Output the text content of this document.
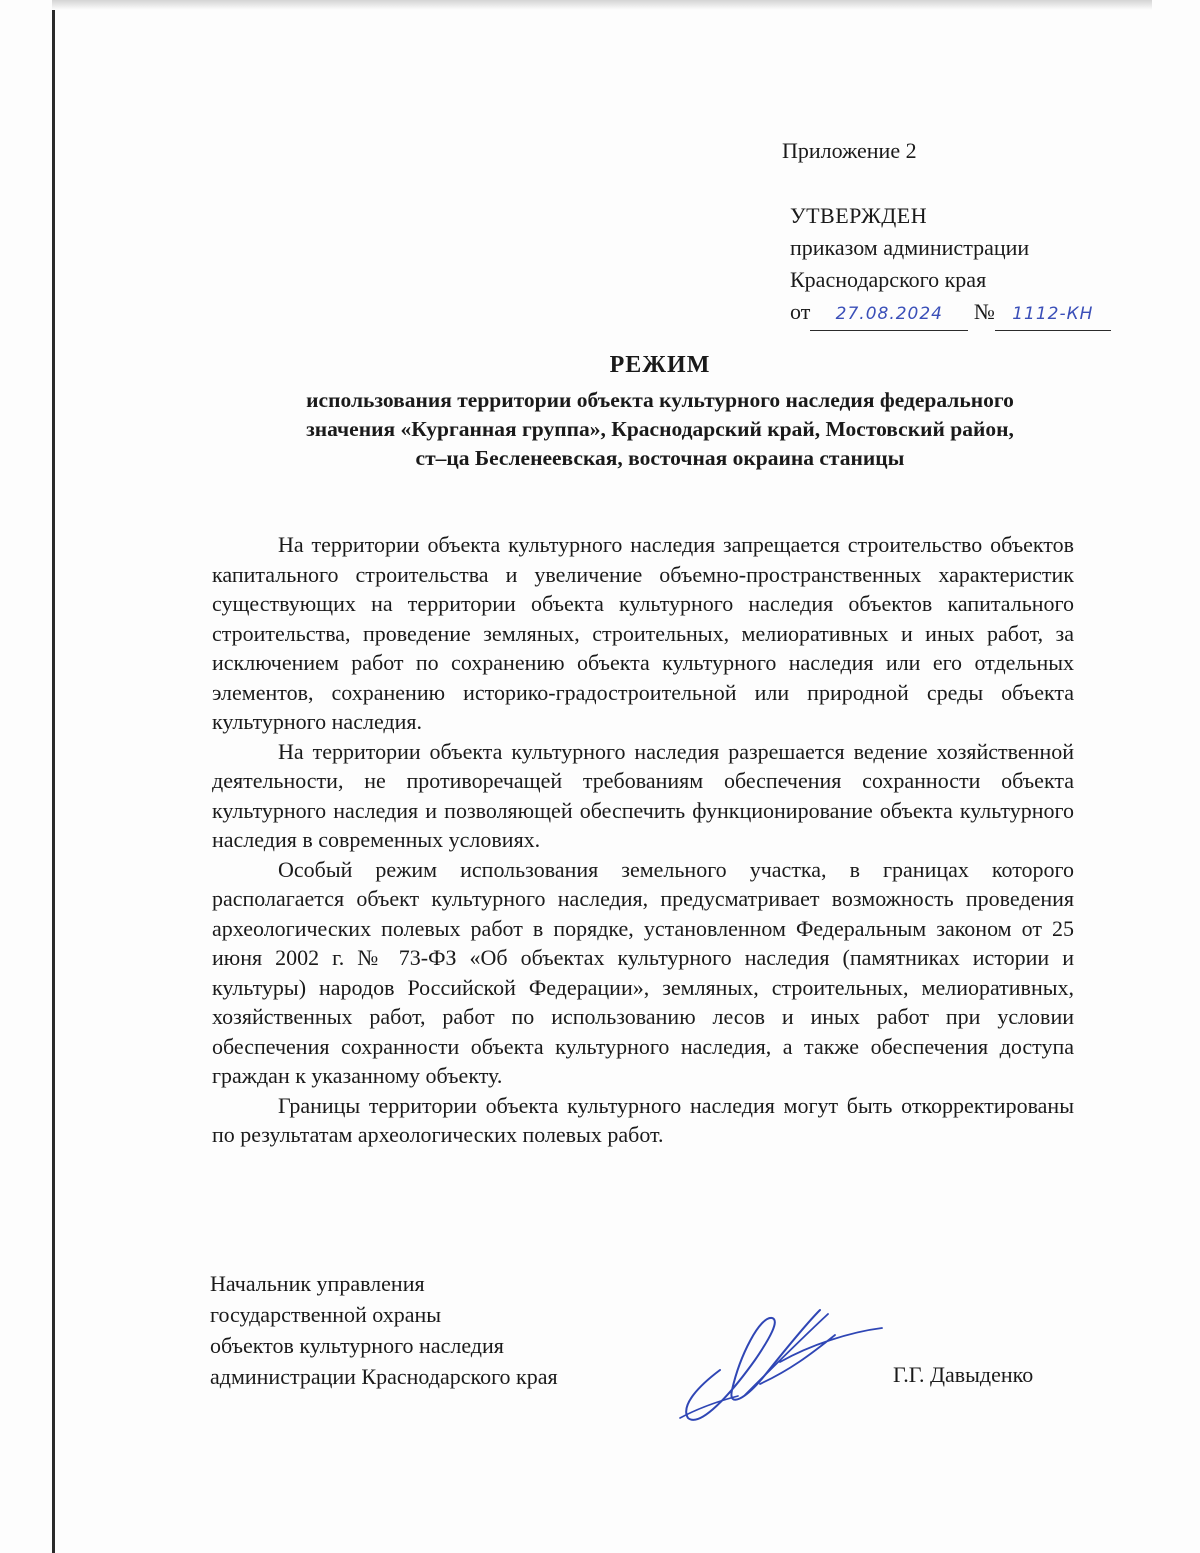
Приложение 2
УТВЕРЖДЕН
приказом администрации
Краснодарского края
от 27.08.2024 № 1112-КН
РЕЖИМ
использования территории объекта культурного наследия федерального
значения «Курганная группа», Краснодарский край, Мостовский район,
ст–ца Бесленеевская, восточная окраина станицы

На территории объекта культурного наследия запрещается строительство объектов капитального строительства и увеличение объемно-пространственных характеристик существующих на территории объекта культурного наследия объектов капитального строительства, проведение земляных, строительных, мелиоративных и иных работ, за исключением работ по сохранению объекта культурного наследия или его отдельных элементов, сохранению историко-градостроительной или природной среды объекта культурного наследия.

На территории объекта культурного наследия разрешается ведение хозяйственной деятельности, не противоречащей требованиям обеспечения сохранности объекта культурного наследия и позволяющей обеспечить функционирование объекта культурного наследия в современных условиях.

Особый режим использования земельного участка, в границах которого располагается объект культурного наследия, предусматривает возможность проведения археологических полевых работ в порядке, установленном Федеральным законом от 25 июня 2002 г. № 73-ФЗ «Об объектах культурного наследия (памятниках истории и культуры) народов Российской Федерации», земляных, строительных, мелиоративных, хозяйственных работ, работ по использованию лесов и иных работ при условии обеспечения сохранности объекта культурного наследия, а также обеспечения доступа граждан к указанному объекту.

Границы территории объекта культурного наследия могут быть откорректированы по результатам археологических полевых работ.

Начальник управления
государственной охраны
объектов культурного наследия
администрации Краснодарского края	Г.Г. Давыденко
